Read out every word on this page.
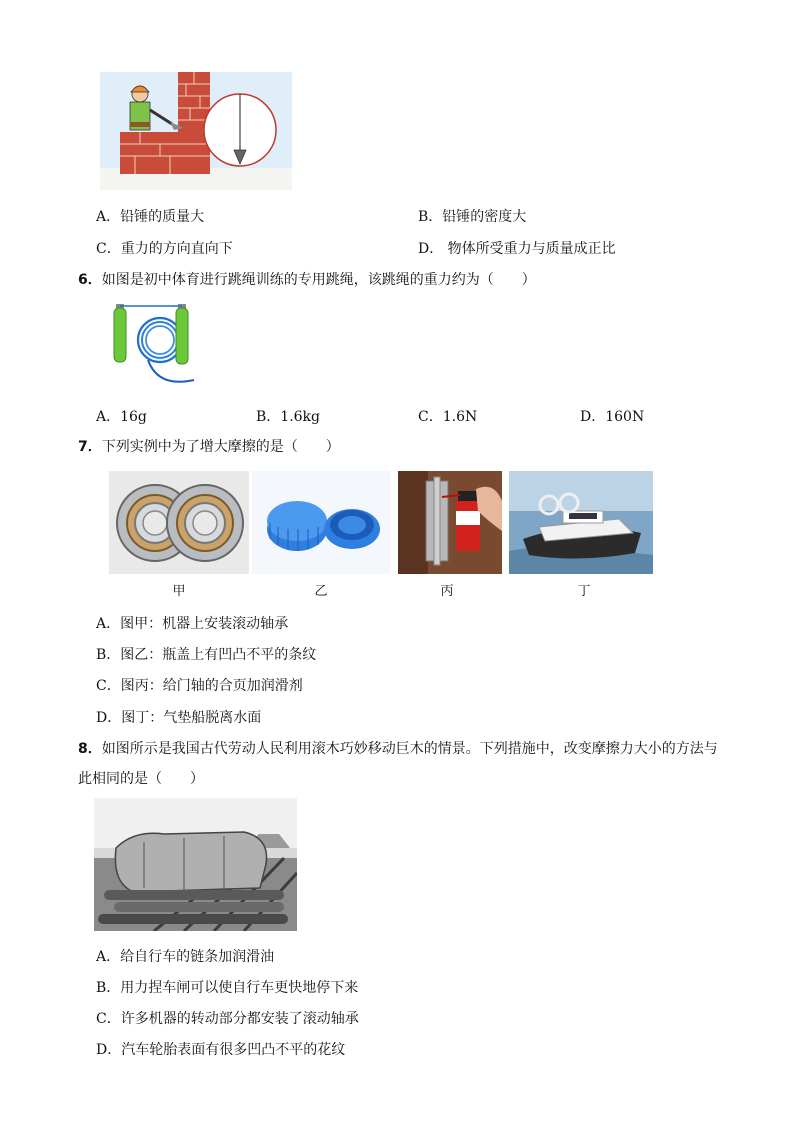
A．铅锤的质量大	B．铅锤的密度大
C．重力的方向直向下	D． 物体所受重力与质量成正比
6．如图是初中体育进行跳绳训练的专用跳绳，该跳绳的重力约为（　　）
A．16g	B．1.6kg	C．1.6N	D．160N
7．下列实例中为了增大摩擦的是（　　）
甲	乙	丙	丁
A．图甲：机器上安装滚动轴承
B．图乙：瓶盖上有凹凸不平的条纹
C．图丙：给门轴的合页加润滑剂
D．图丁：气垫船脱离水面
8．如图所示是我国古代劳动人民利用滚木巧妙移动巨木的情景。下列措施中，改变摩擦力大小的方法与
此相同的是（　　）
A．给自行车的链条加润滑油
B．用力捏车闸可以使自行车更快地停下来
C．许多机器的转动部分都安装了滚动轴承
D．汽车轮胎表面有很多凹凸不平的花纹
